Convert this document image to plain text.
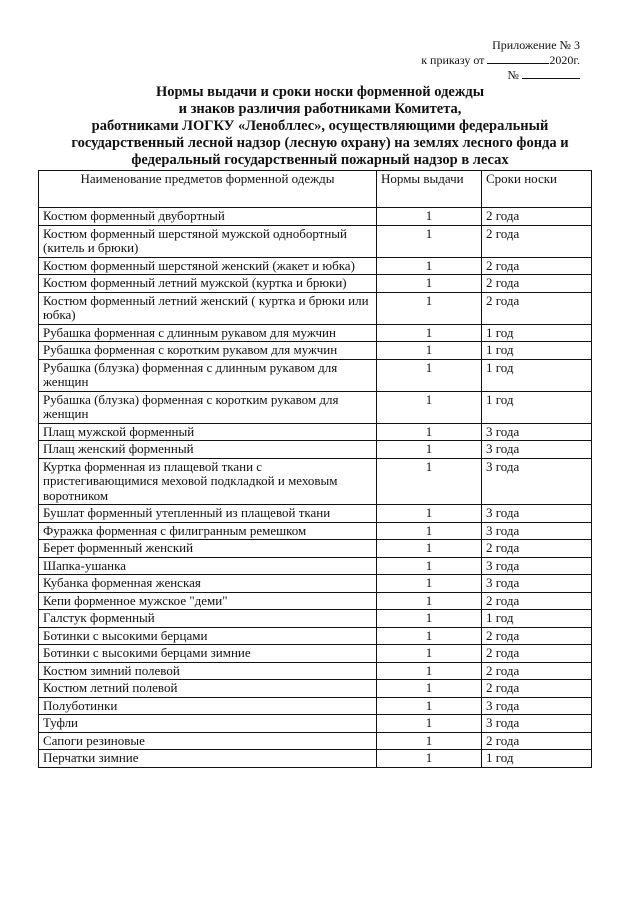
Приложение № 3
к приказу от	2020г.
№
Нормы выдачи и сроки носки форменной одежды
и знаков различия работниками Комитета,
работниками ЛОГКУ «Ленобллес», осуществляющими федеральный
государственный лесной надзор (лесную охрану) на землях лесного фонда и
федеральный государственный пожарный надзор в лесах
Наименование предметов форменной одежды	Нормы выдачи	Сроки носки
Костюм форменный двубортный	1	2 года
Костюм форменный шерстяной мужской однобортный (китель и брюки)	1	2 года
Костюм форменный шерстяной женский (жакет и юбка)	1	2 года
Костюм форменный летний мужской (куртка и брюки)	1	2 года
Костюм форменный летний женский ( куртка и брюки или юбка)	1	2 года
Рубашка форменная с длинным рукавом для мужчин	1	1 год
Рубашка форменная с коротким рукавом для мужчин	1	1 год
Рубашка (блузка) форменная с длинным рукавом для женщин	1	1 год
Рубашка (блузка) форменная с коротким рукавом для женщин	1	1 год
Плащ мужской форменный	1	3 года
Плащ женский форменный	1	3 года
Куртка форменная из плащевой ткани с пристегивающимися меховой подкладкой и меховым воротником	1	3 года
Бушлат форменный утепленный из плащевой ткани	1	3 года
Фуражка форменная с филигранным ремешком	1	3 года
Берет форменный женский	1	2 года
Шапка-ушанка	1	3 года
Кубанка форменная женская	1	3 года
Кепи форменное мужское "деми"	1	2 года
Галстук форменный	1	1 год
Ботинки с высокими берцами	1	2 года
Ботинки с высокими берцами зимние	1	2 года
Костюм зимний полевой	1	2 года
Костюм летний полевой	1	2 года
Полуботинки	1	3 года
Туфли	1	3 года
Сапоги резиновые	1	2 года
Перчатки зимние	1	1 год
